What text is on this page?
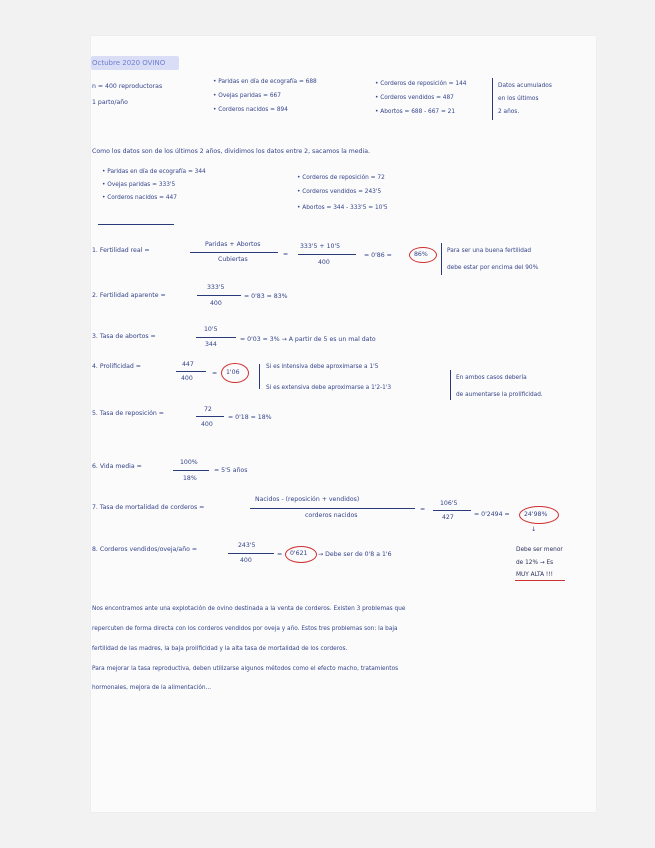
Octubre 2020 OVINO
n = 400 reproductoras
1 parto/año
• Paridas en día de ecografía = 688
• Ovejas paridas = 667
• Corderos nacidos = 894
• Corderos de reposición = 144
• Corderos vendidos = 487
• Abortos = 688 - 667 = 21
Datos acumulados
en los últimos
2 años.
Como los datos son de los últimos 2 años, dividimos los datos entre 2, sacamos la media.
• Paridas en día de ecografía = 344
• Ovejas paridas = 333'5
• Corderos nacidos = 447
• Corderos de reposición = 72
• Corderos vendidos = 243'5
• Abortos = 344 - 333'5 = 10'5
1. Fertilidad real =
Paridas + Abortos
Cubiertas
=
333'5 + 10'5
400
= 0'86 =	86%	Para ser una buena fertilidad
debe estar por encima del 90%
2. Fertilidad aparente =
333'5
400
= 0'83 = 83%
3. Tasa de abortos =
10'5
344
= 0'03 = 3% → A partir de 5 es un mal dato
4. Prolificidad =	447
400
= 1'06
Si es intensiva debe aproximarse a 1'5
Si es extensiva debe aproximarse a 1'2-1'3
En ambos casos debería
de aumentarse la prolificidad.
5. Tasa de reposición =
72
400
= 0'18 = 18%
6. Vida media =
100%
18%
= 5'5 años
7. Tasa de mortalidad de corderos =
Nacidos - (reposición + vendidos)
corderos nacidos
=
106'5
427	= 0'2494 = 24'98%
↓
Debe ser menor
de 12% → Es
MUY ALTA !!!
8. Corderos vendidos/oveja/año =
243'5
400
= 0'621 → Debe ser de 0'8 a 1'6
Nos encontramos ante una explotación de ovino destinada a la venta de corderos. Existen 3 problemas que
repercuten de forma directa con los corderos vendidos por oveja y año. Estos tres problemas son: la baja
fertilidad de las madres, la baja prolificidad y la alta tasa de mortalidad de los corderos.
Para mejorar la tasa reproductiva, deben utilizarse algunos métodos como el efecto macho, tratamientos
hormonales, mejora de la alimentación...
